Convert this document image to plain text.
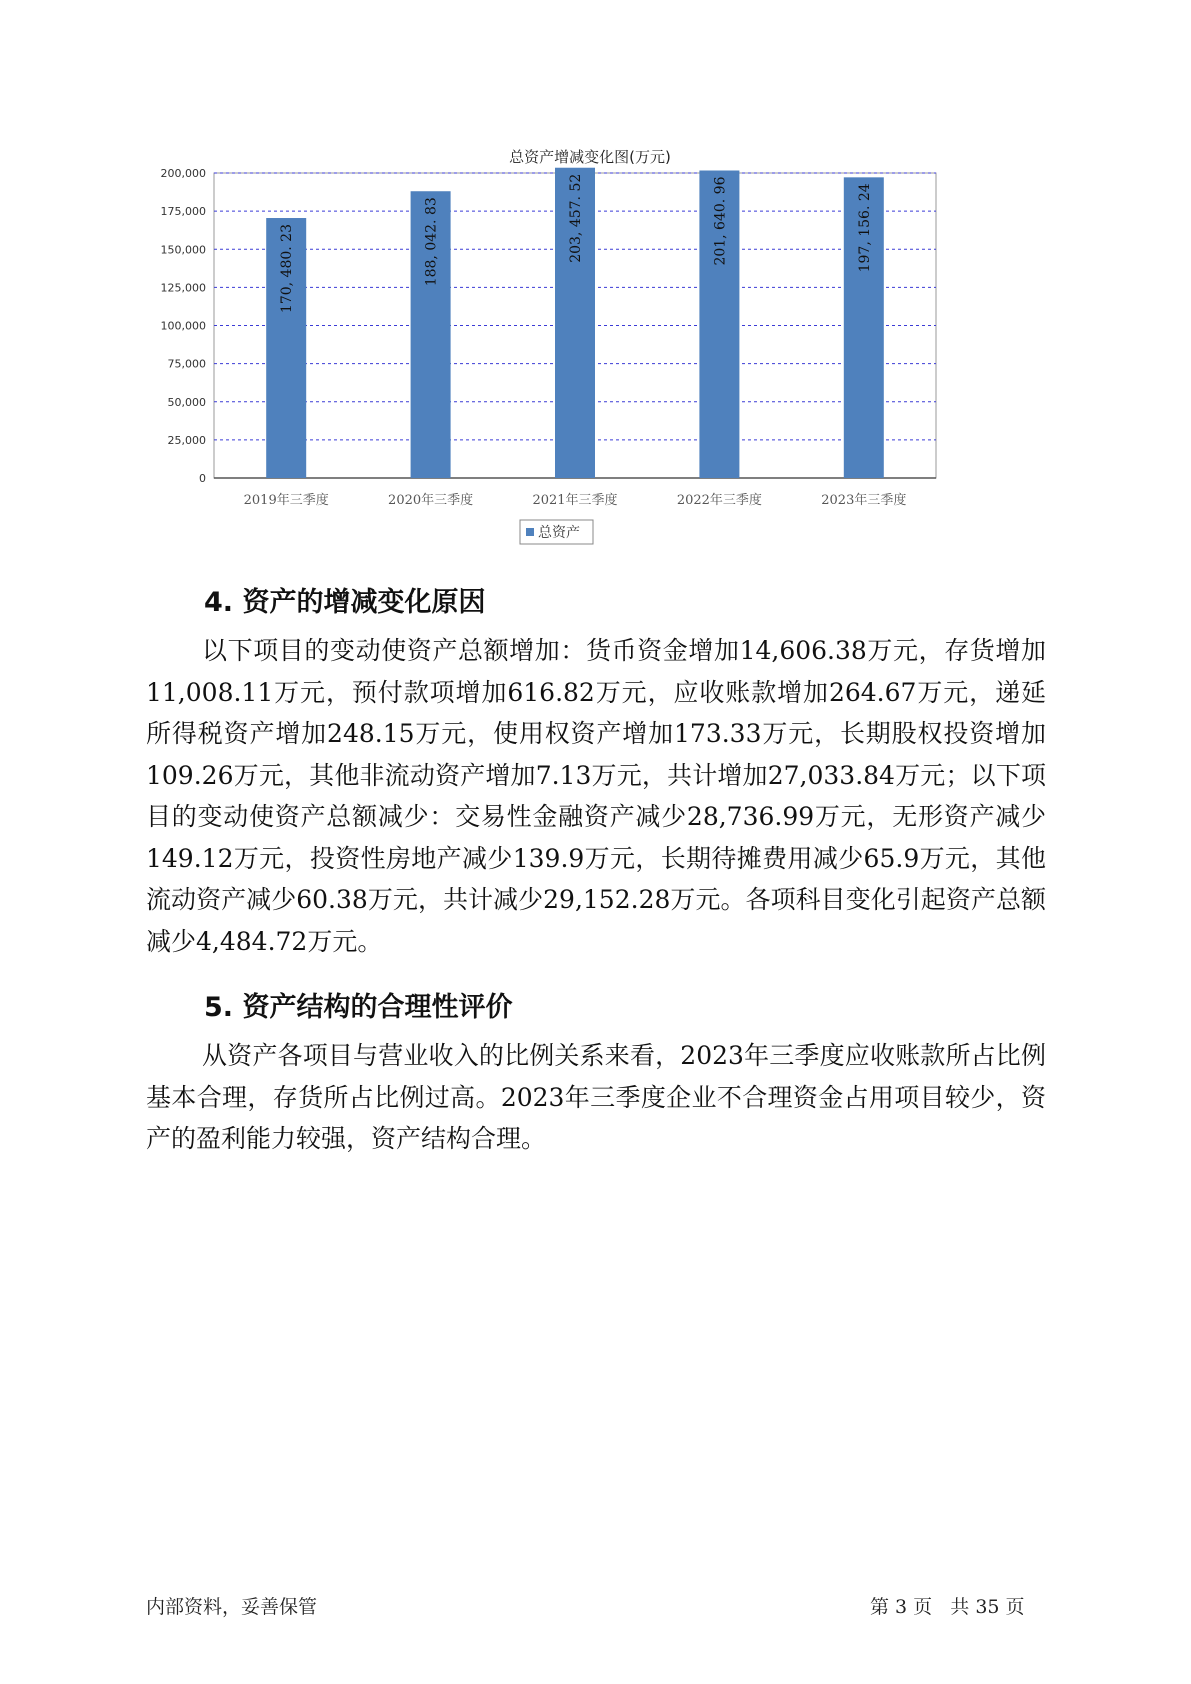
总资产增减变化图(万元)
0
25,000
50,000
75,000
100,000
125,000
150,000
175,000
200,000
170, 480. 23
2019年三季度
188, 042. 83
2020年三季度
203, 457. 52
2021年三季度
201, 640. 96
2022年三季度
197, 156. 24
2023年三季度
总资产
4. 资产的增减变化原因

以下项目的变动使资产总额增加：货币资金增加14,606.38万元，存货增加11,008.11万元，预付款项增加616.82万元，应收账款增加264.67万元，递延所得税资产增加248.15万元，使用权资产增加173.33万元，长期股权投资增加109.26万元，其他非流动资产增加7.13万元，共计增加27,033.84万元；以下项目的变动使资产总额减少：交易性金融资产减少28,736.99万元，无形资产减少149.12万元，投资性房地产减少139.9万元，长期待摊费用减少65.9万元，其他流动资产减少60.38万元，共计减少29,152.28万元。各项科目变化引起资产总额减少4,484.72万元。

5. 资产结构的合理性评价

从资产各项目与营业收入的比例关系来看，2023年三季度应收账款所占比例基本合理，存货所占比例过高。2023年三季度企业不合理资金占用项目较少，资产的盈利能力较强，资产结构合理。

内部资料，妥善保管	第 3 页   共 35 页
